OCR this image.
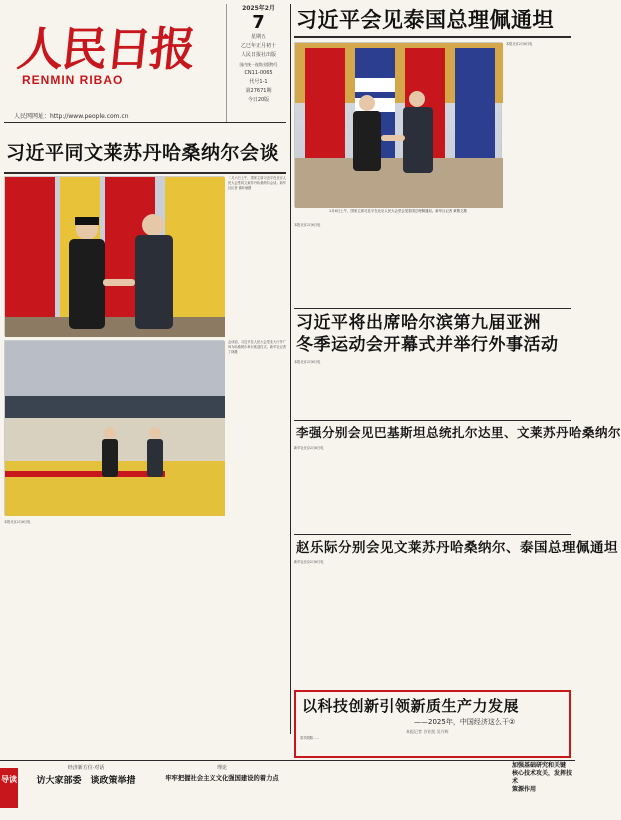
人民日报
RENMIN RIBAO
人民网网址：http://www.people.com.cn
2025年2月
7
星期五
乙巳年正月初十
人民日报社出版
国内统一连续出版物号
CN11-0065
代号1-1
第27671期
今日20版
习近平会见泰国总理佩通坦
本报北京2月6日电
2月6日上午，国家主席习近平在北京人民大会堂会见泰国总理佩通坦。新华社记者 黄敬文摄
本报北京2月6日电
习近平将出席哈尔滨第九届亚洲
冬季运动会开幕式并举行外事活动
本报北京2月6日电
李强分别会见巴基斯坦总统扎尔达里、文莱苏丹哈桑纳尔
新华社北京2月6日电
习近平同文莱苏丹哈桑纳尔会谈
二月六日上午，国家主席习近平在北京人民大会堂同文莱苏丹哈桑纳尔会谈。新华社记者 谢环驰摄
会谈前，习近平在人民大会堂北大厅外广场为哈桑纳尔举行欢迎仪式。新华社记者 丁林摄
本报北京2月6日电
赵乐际分别会见文莱苏丹哈桑纳尔、泰国总理佩通坦
新华社北京2月6日电
以科技创新引领新质生产力发展
——2025年，中国经济这么干②
本报记者 谷业凯 吴月辉
春节假期……
导读
经济新方位·对话
访大家部委　谈政策举措
理论
牢牢把握社会主义文化强国建设的着力点
加强基础研究和关键
核心技术攻关，发挥技术
策源作用
